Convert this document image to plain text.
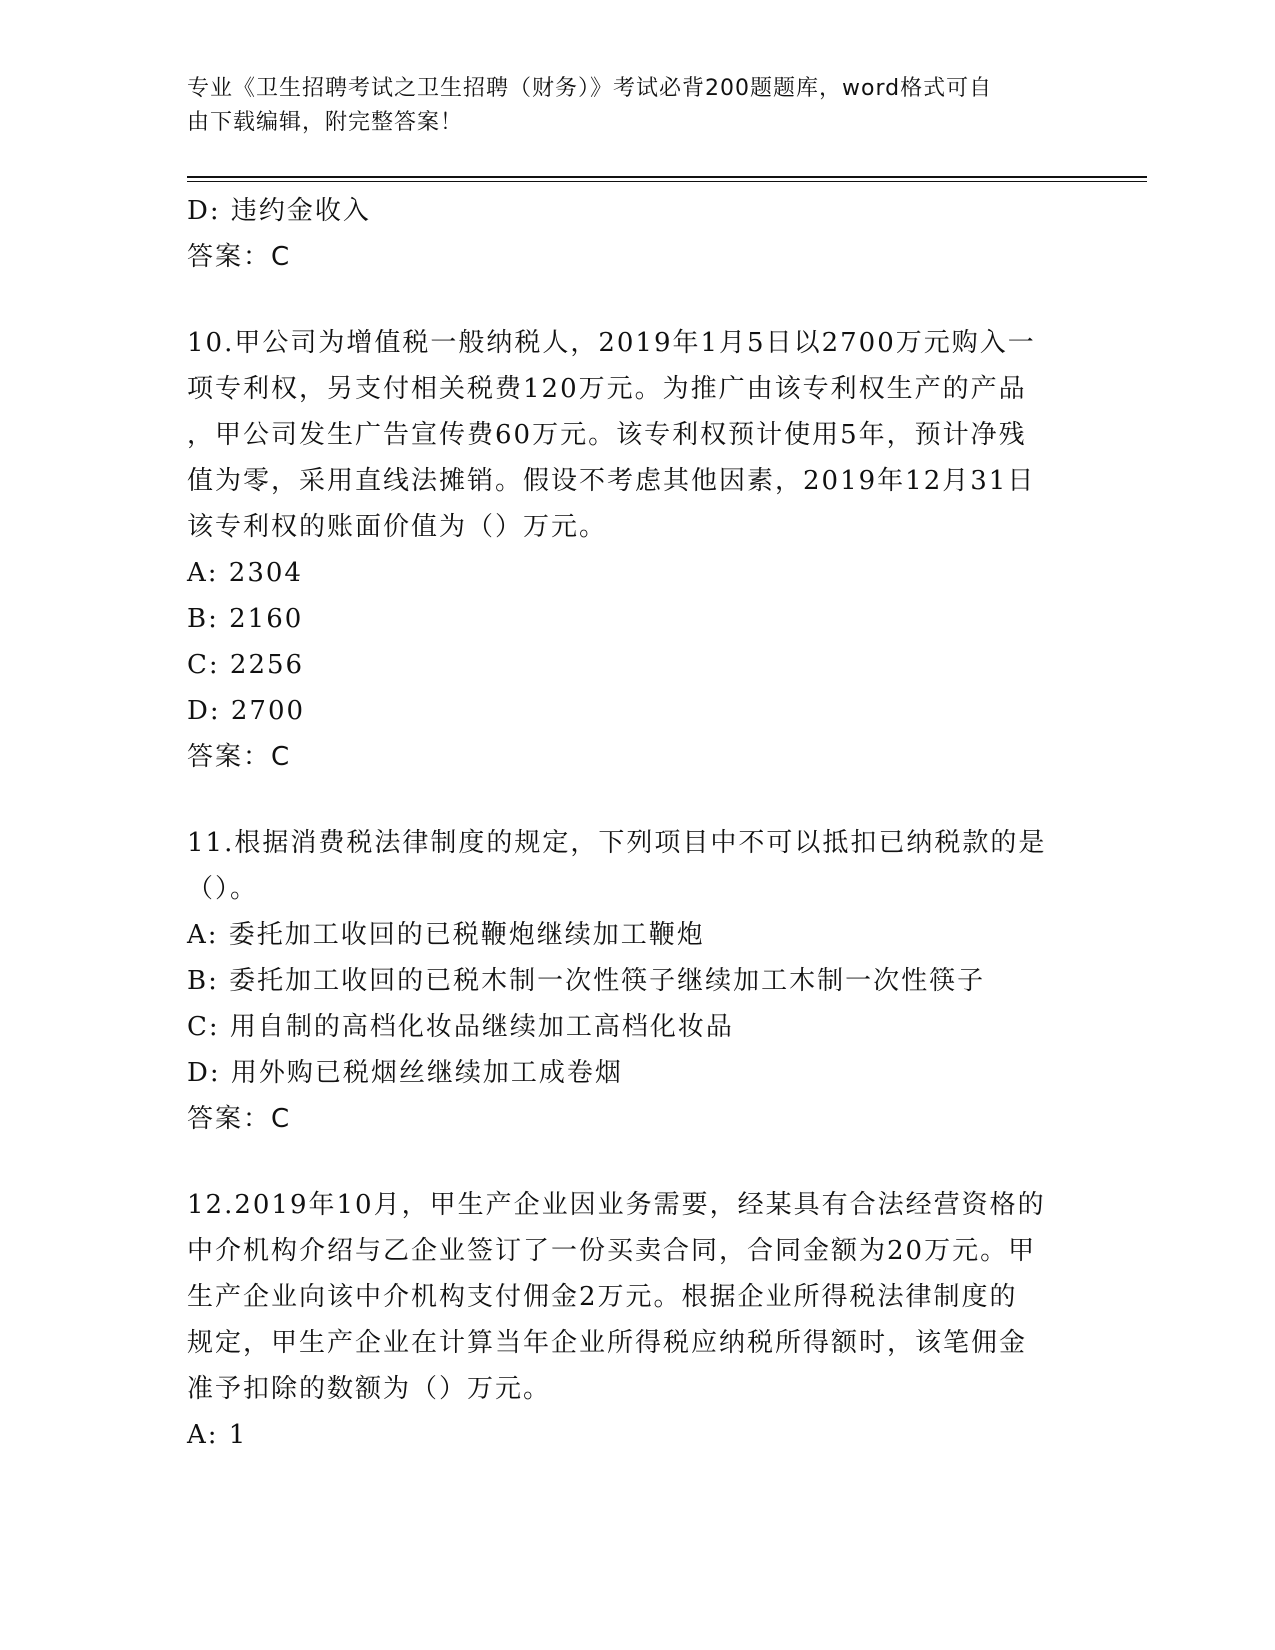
专业《卫生招聘考试之卫生招聘（财务）》考试必背200题题库，word格式可自
由下载编辑，附完整答案！
D: 违约金收入
答案：C
10.甲公司为增值税一般纳税人，2019年1月5日以2700万元购入一
项专利权，另支付相关税费120万元。为推广由该专利权生产的产品
，甲公司发生广告宣传费60万元。该专利权预计使用5年，预计净残
值为零，采用直线法摊销。假设不考虑其他因素，2019年12月31日
该专利权的账面价值为（）万元。
A: 2304
B: 2160
C: 2256
D: 2700
答案：C
11.根据消费税法律制度的规定，下列项目中不可以抵扣已纳税款的是
（）。
A: 委托加工收回的已税鞭炮继续加工鞭炮
B: 委托加工收回的已税木制一次性筷子继续加工木制一次性筷子
C: 用自制的高档化妆品继续加工高档化妆品
D: 用外购已税烟丝继续加工成卷烟
答案：C
12.2019年10月，甲生产企业因业务需要，经某具有合法经营资格的
中介机构介绍与乙企业签订了一份买卖合同，合同金额为20万元。甲
生产企业向该中介机构支付佣金2万元。根据企业所得税法律制度的
规定，甲生产企业在计算当年企业所得税应纳税所得额时，该笔佣金
准予扣除的数额为（）万元。
A: 1
